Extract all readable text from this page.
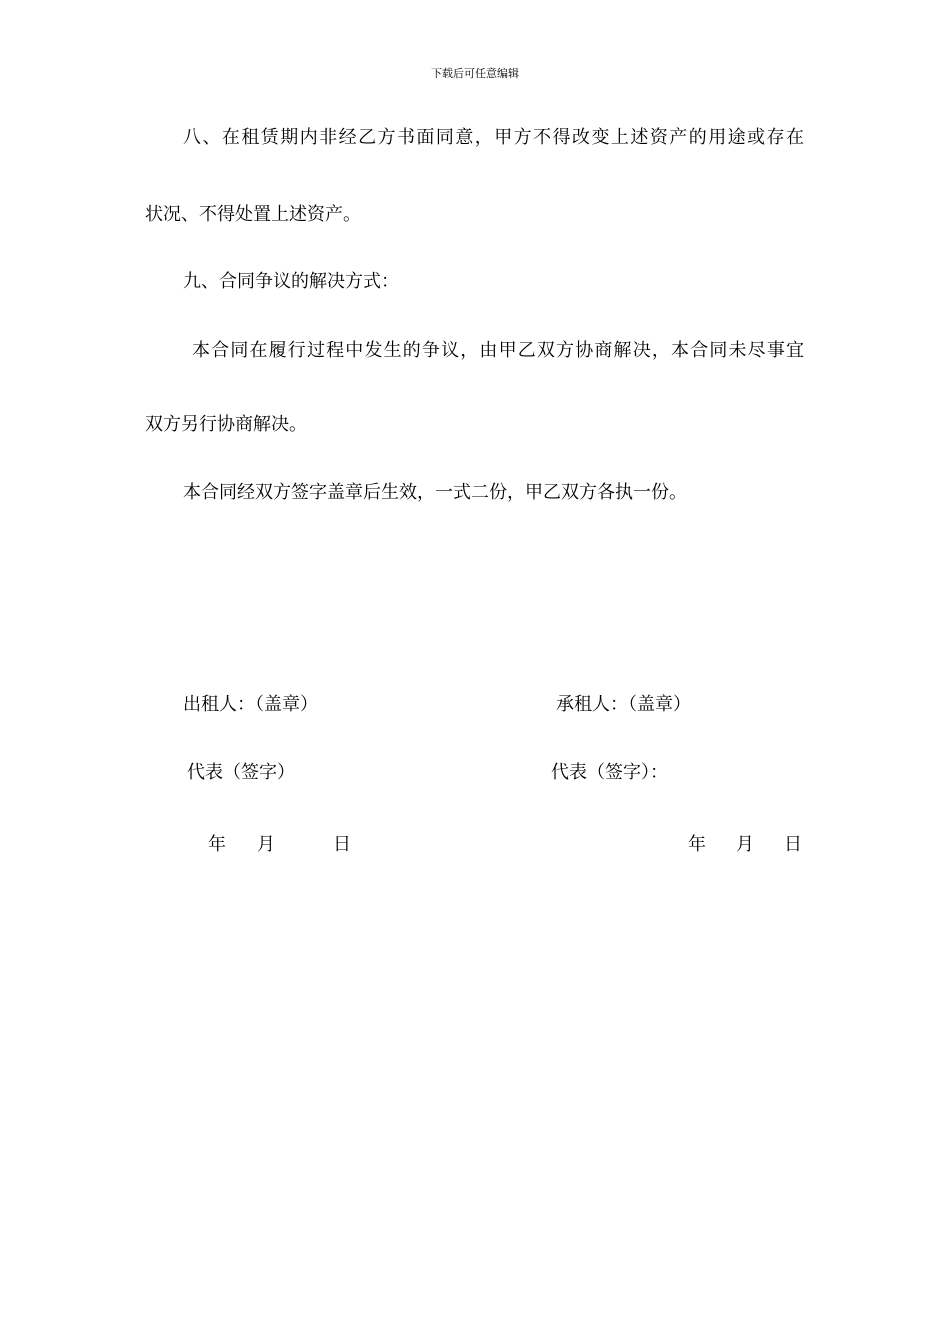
下载后可任意编辑
八、在租赁期内非经乙方书面同意，甲方不得改变上述资产的用途或存在
状况、不得处置上述资产。
九、合同争议的解决方式：
本合同在履行过程中发生的争议，由甲乙双方协商解决，本合同未尽事宜
双方另行协商解决。
本合同经双方签字盖章后生效，一式二份，甲乙双方各执一份。
出租人：（盖章）	承租人：（盖章）
代表（签字）	代表（签字）：
年 月	日	年 月 日
